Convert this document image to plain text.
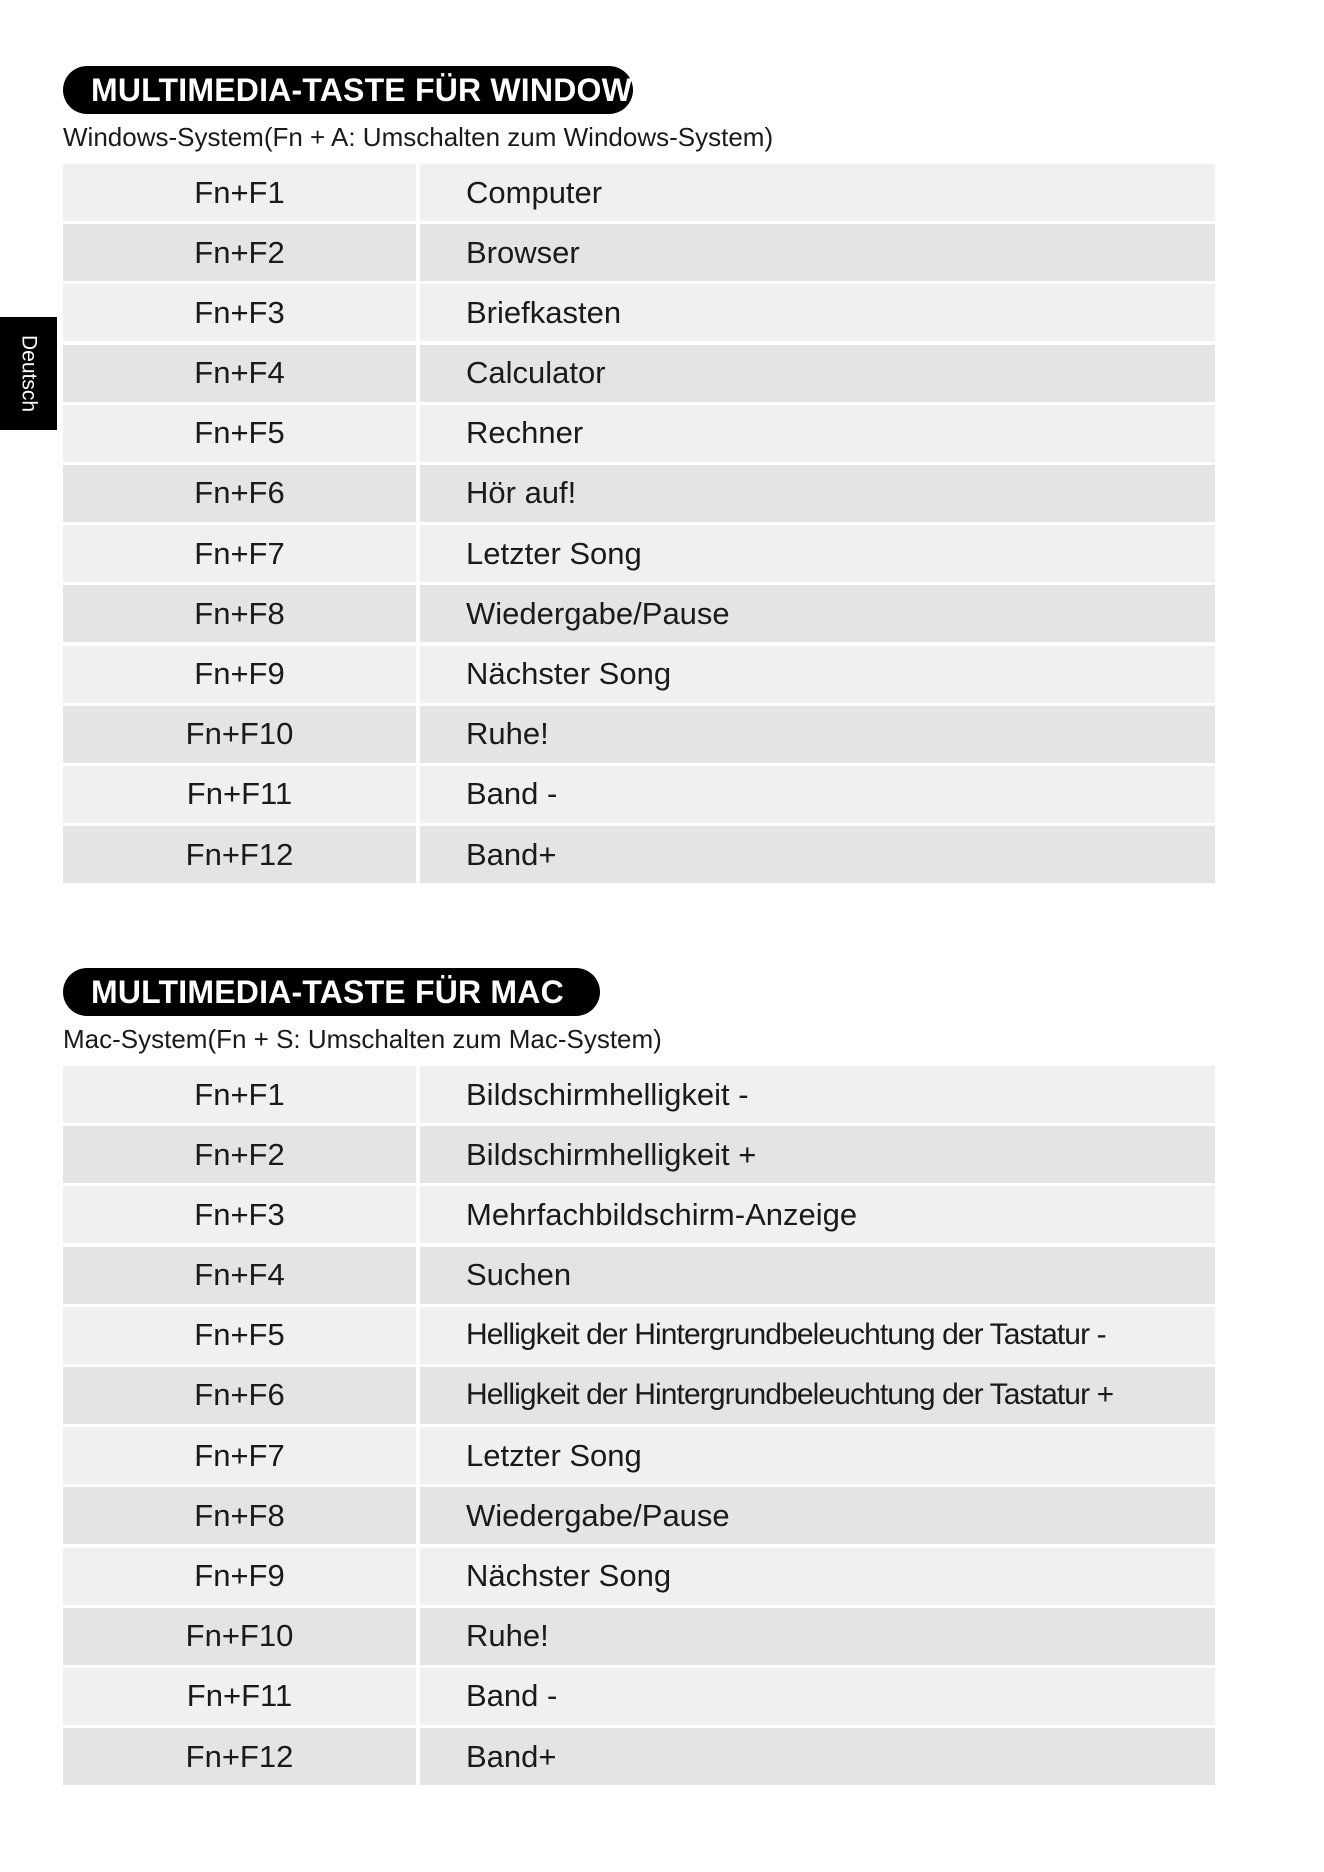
Deutsch
MULTIMEDIA-TASTE FÜR WINDOWS
Windows-System(Fn + A: Umschalten zum Windows-System)
Fn+F1	Computer
Fn+F2	Browser
Fn+F3	Briefkasten
Fn+F4	Calculator
Fn+F5	Rechner
Fn+F6	Hör auf!
Fn+F7	Letzter Song
Fn+F8	Wiedergabe/Pause
Fn+F9	Nächster Song
Fn+F10	Ruhe!
Fn+F11	Band -
Fn+F12	Band+
MULTIMEDIA-TASTE FÜR MAC
Mac-System(Fn + S: Umschalten zum Mac-System)
Fn+F1	Bildschirmhelligkeit -
Fn+F2	Bildschirmhelligkeit +
Fn+F3	Mehrfachbildschirm-Anzeige
Fn+F4	Suchen
Fn+F5	Helligkeit der Hintergrundbeleuchtung der Tastatur -
Fn+F6	Helligkeit der Hintergrundbeleuchtung der Tastatur +
Fn+F7	Letzter Song
Fn+F8	Wiedergabe/Pause
Fn+F9	Nächster Song
Fn+F10	Ruhe!
Fn+F11	Band -
Fn+F12	Band+
